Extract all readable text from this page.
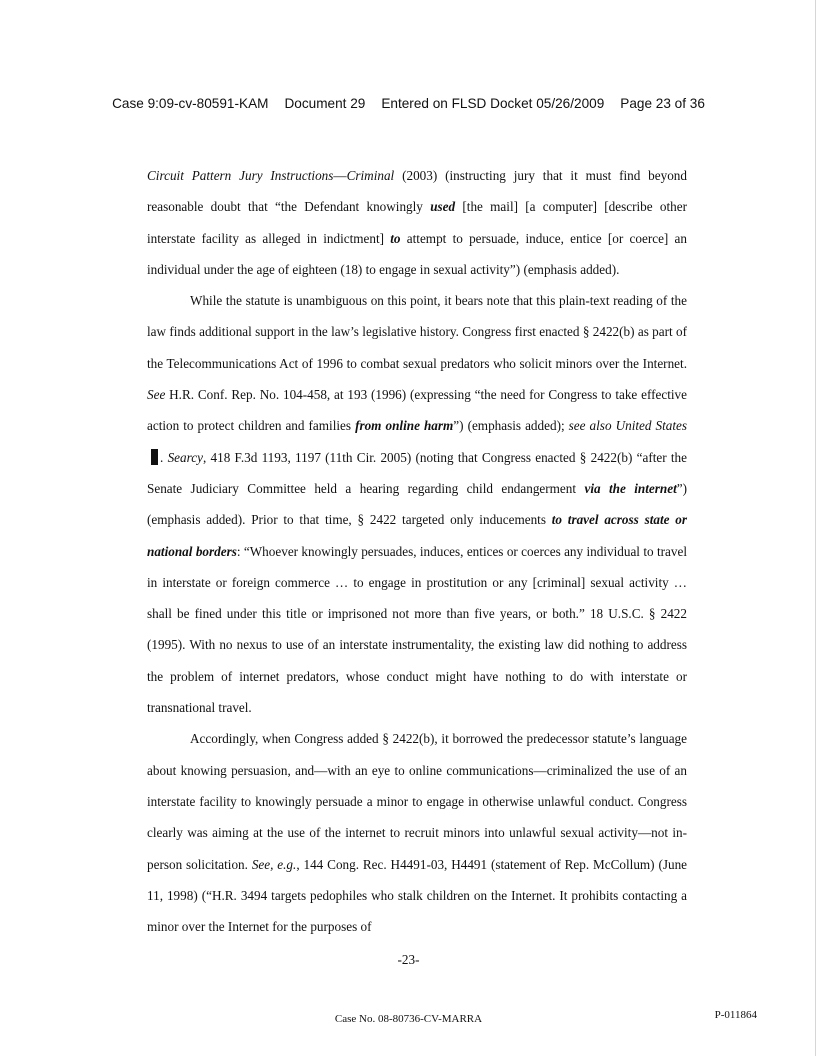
Case 9:09-cv-80591-KAM Document 29 Entered on FLSD Docket 05/26/2009 Page 23 of 36

Circuit Pattern Jury Instructions—Criminal (2003) (instructing jury that it must find beyond reasonable doubt that “the Defendant knowingly used [the mail] [a computer] [describe other interstate facility as alleged in indictment] to attempt to persuade, induce, entice [or coerce] an individual under the age of eighteen (18) to engage in sexual activity”) (emphasis added).

While the statute is unambiguous on this point, it bears note that this plain-text reading of the law finds additional support in the law’s legislative history. Congress first enacted § 2422(b) as part of the Telecommunications Act of 1996 to combat sexual predators who solicit minors over the Internet. See H.R. Conf. Rep. No. 104-458, at 193 (1996) (expressing “the need for Congress to take effective action to protect children and families from online harm”) (emphasis added); see also United States. Searcy, 418 F.3d 1193, 1197 (11th Cir. 2005) (noting that Congress enacted § 2422(b) “after the Senate Judiciary Committee held a hearing regarding child endangerment via the internet”) (emphasis added). Prior to that time, § 2422 targeted only inducements to travel across state or national borders: “Whoever knowingly persuades, induces, entices or coerces any individual to travel in interstate or foreign commerce … to engage in prostitution or any [criminal] sexual activity … shall be fined under this title or imprisoned not more than five years, or both.” 18 U.S.C. § 2422 (1995). With no nexus to use of an interstate instrumentality, the existing law did nothing to address the problem of internet predators, whose conduct might have nothing to do with interstate or transnational travel.

Accordingly, when Congress added § 2422(b), it borrowed the predecessor statute’s language about knowing persuasion, and—with an eye to online communications—criminalized the use of an interstate facility to knowingly persuade a minor to engage in otherwise unlawful conduct. Congress clearly was aiming at the use of the internet to recruit minors into unlawful sexual activity—not in-person solicitation. See, e.g., 144 Cong. Rec. H4491-03, H4491 (statement of Rep. McCollum) (June 11, 1998) (“H.R. 3494 targets pedophiles who stalk children on the Internet. It prohibits contacting a minor over the Internet for the purposes of

-23-
Case No. 08-80736-CV-MARRA	P-011864
